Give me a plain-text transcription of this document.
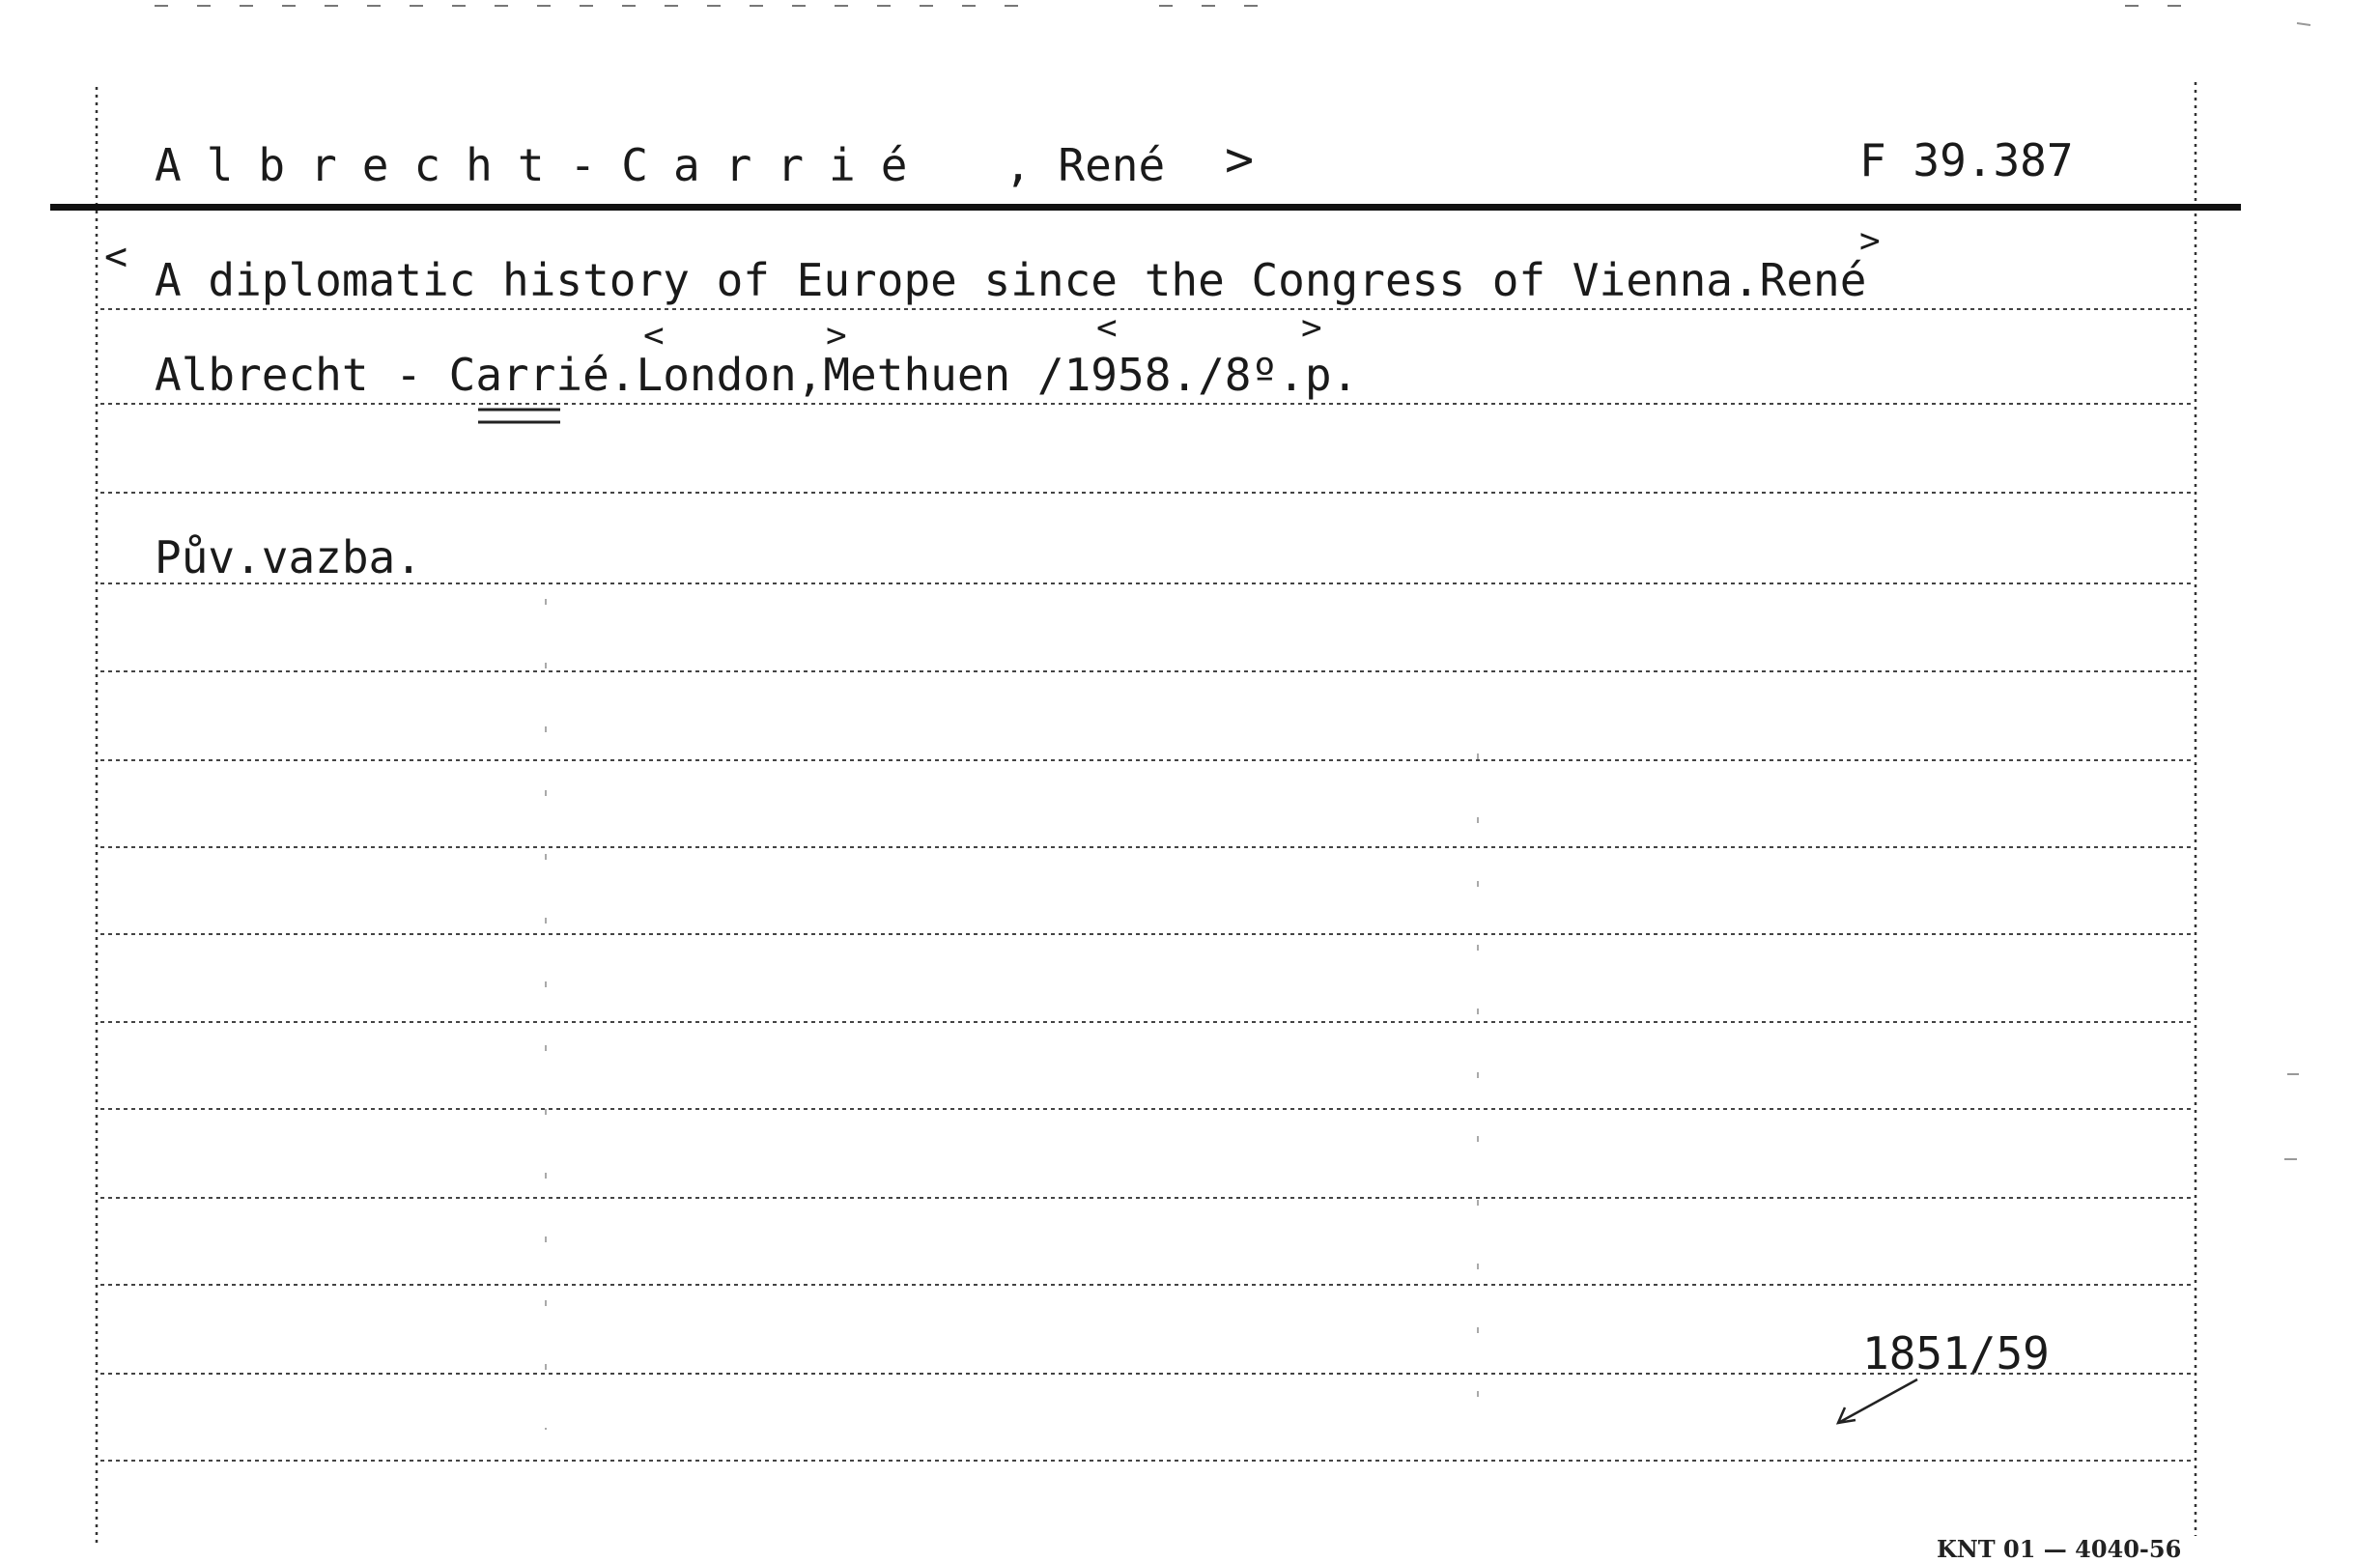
Albrecht-Carrié , René >	F 39.387
< A diplomatic history of Europe since the Congress of Vienna.René
>
Albrecht - Carrié.London,Methuen /1958./8º.p.
<	>	<	>
Pův.vazba.
1851/59
KNT 01 — 4040-56
